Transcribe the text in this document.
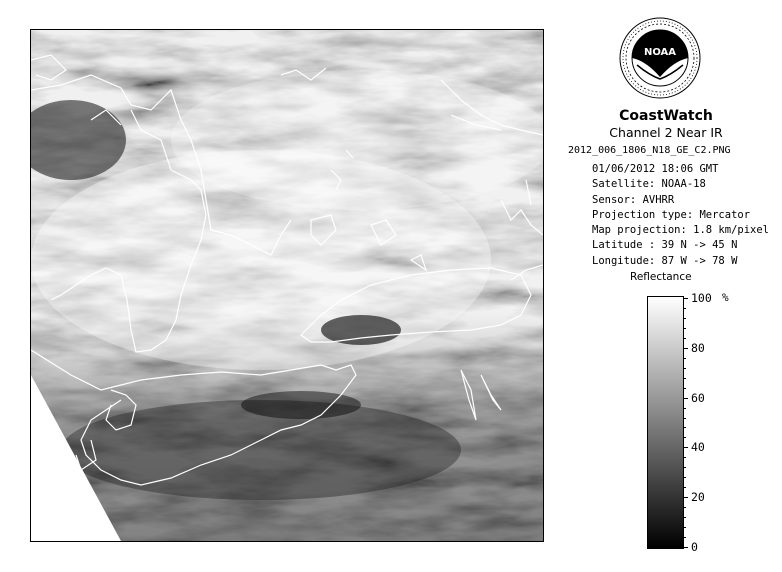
NOAA
CoastWatch
Channel 2 Near IR
2012_006_1806_N18_GE_C2.PNG
01/06/2012 18:06 GMT
Satellite: NOAA-18
Sensor: AVHRR
Projection type: Mercator
Map projection: 1.8 km/pixel
Latitude : 39 N -> 45 N
Longitude: 87 W -> 78 W
Reflectance
%
100
80
60
40
20
0
